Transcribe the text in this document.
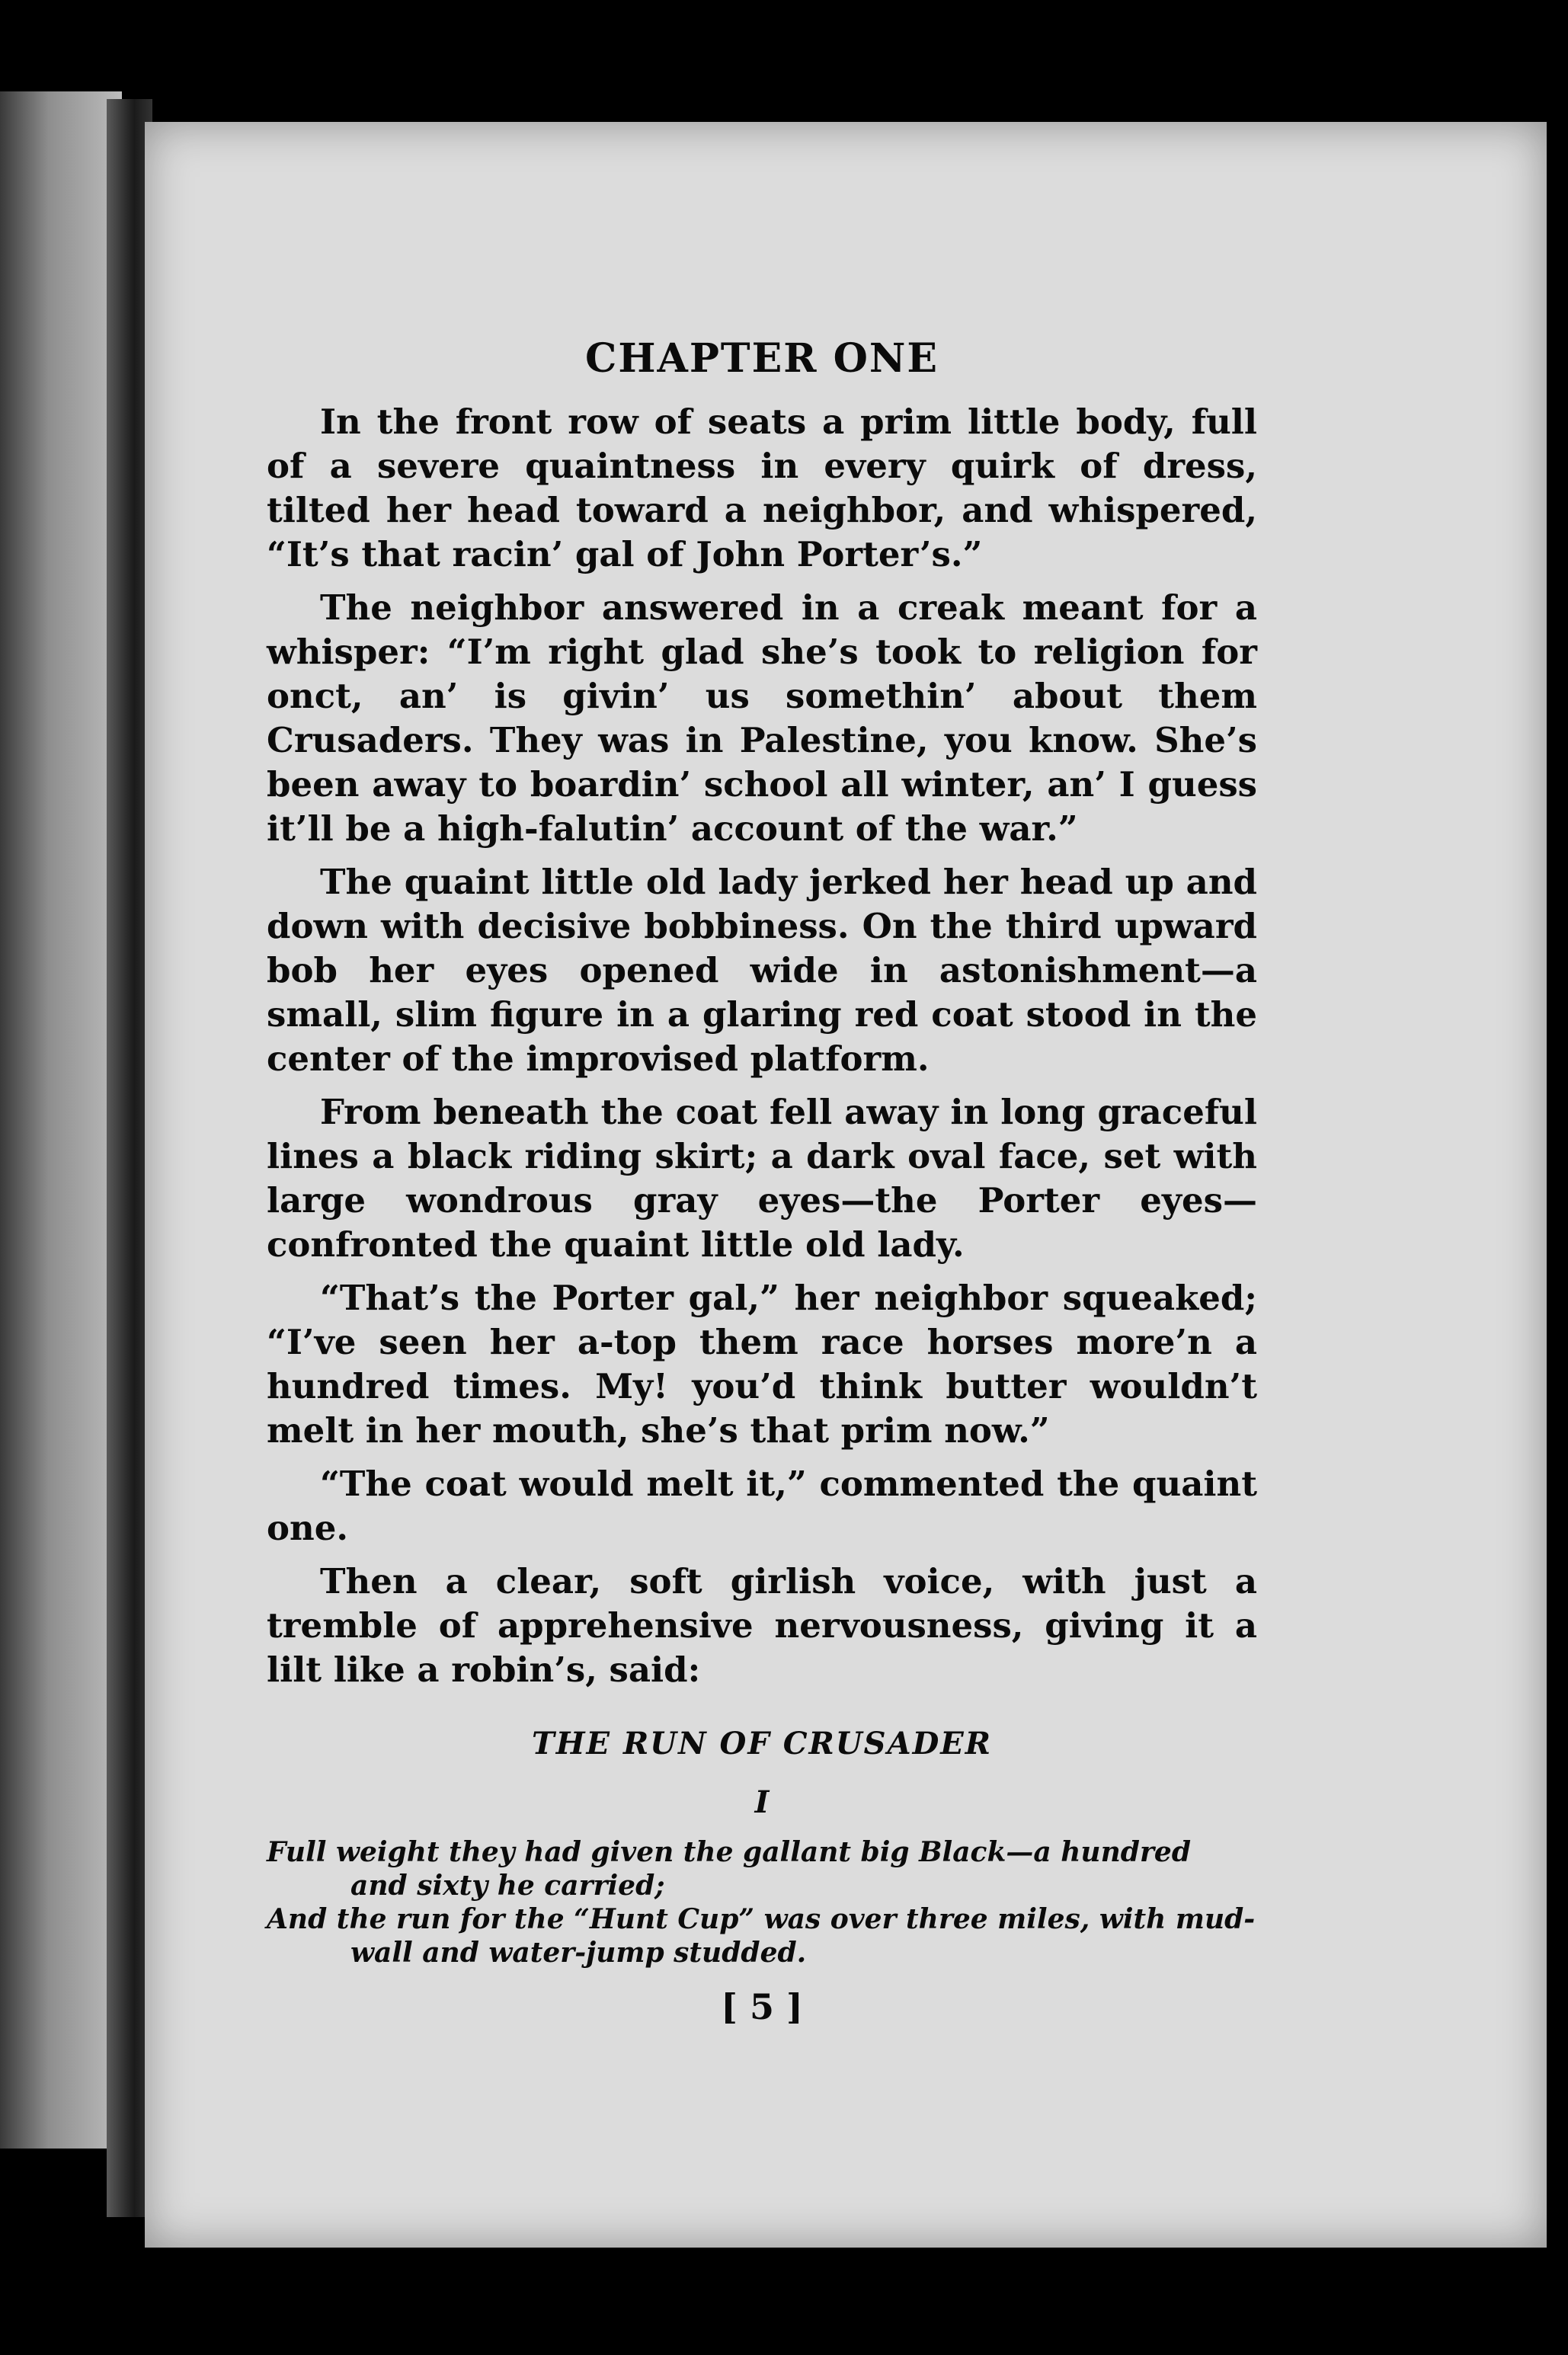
CHAPTER ONE

In the front row of seats a prim little body, full of a severe quaintness in every quirk of dress, tilted her head toward a neighbor, and whispered, “It’s that racin’ gal of John Porter’s.”

The neighbor answered in a creak meant for a whisper: “I’m right glad she’s took to religion for onct, an’ is givin’ us somethin’ about them Crusaders. They was in Palestine, you know. She’s been away to boardin’ school all winter, an’ I guess it’ll be a high-falutin’ account of the war.”

The quaint little old lady jerked her head up and down with decisive bobbiness. On the third upward bob her eyes opened wide in astonishment—a small, slim figure in a glaring red coat stood in the center of the improvised platform.

From beneath the coat fell away in long graceful lines a black riding skirt; a dark oval face, set with large wondrous gray eyes—the Porter eyes—confronted the quaint little old lady.

“That’s the Porter gal,” her neighbor squeaked; “I’ve seen her a-top them race horses more’n a hundred times. My! you’d think butter wouldn’t melt in her mouth, she’s that prim now.”

“The coat would melt it,” commented the quaint one.

Then a clear, soft girlish voice, with just a tremble of apprehensive nervousness, giving it a lilt like a robin’s, said:

THE RUN OF CRUSADER
I

Full weight they had given the gallant big Black—a hundred and sixty he carried;

And the run for the “Hunt Cup” was over three miles, with mud-wall and water-jump studded.

[ 5 ]
